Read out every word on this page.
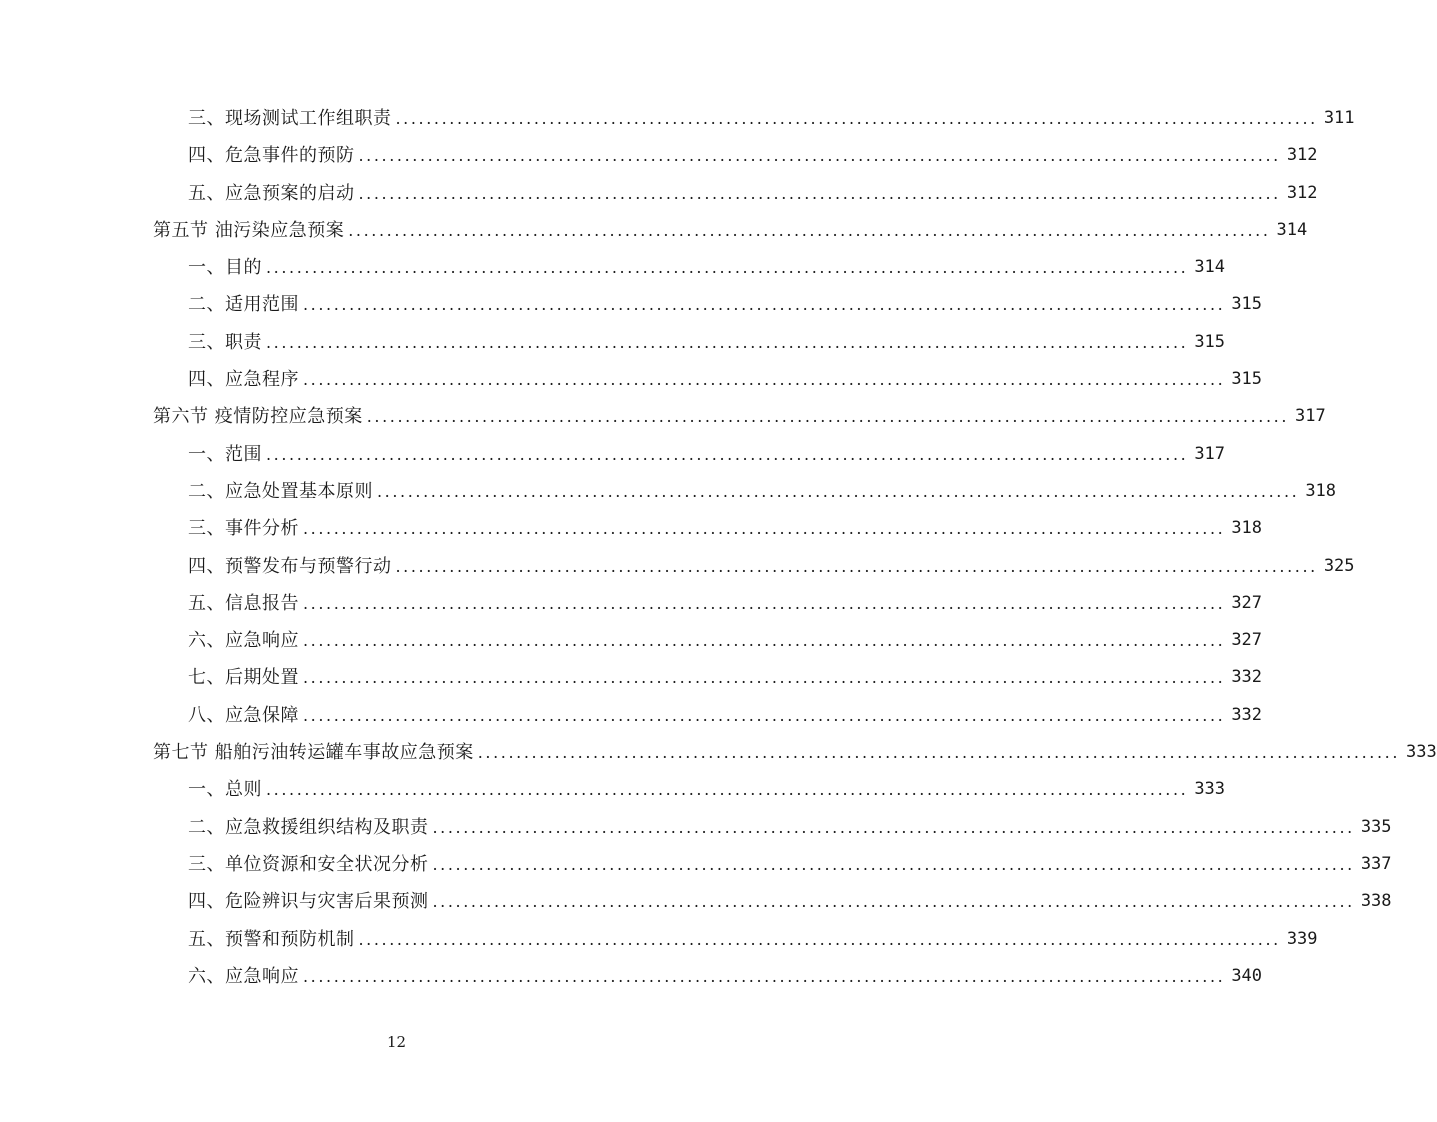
三、现场测试工作组职责 ........................................................................................................................ 311
四、危急事件的预防 ........................................................................................................................ 312
五、应急预案的启动 ........................................................................................................................ 312
第五节 油污染应急预案 ........................................................................................................................ 314
一、目的 ........................................................................................................................ 314
二、适用范围 ........................................................................................................................ 315
三、职责 ........................................................................................................................ 315
四、应急程序 ........................................................................................................................ 315
第六节 疫情防控应急预案 ........................................................................................................................ 317
一、范围 ........................................................................................................................ 317
二、应急处置基本原则 ........................................................................................................................ 318
三、事件分析 ........................................................................................................................ 318
四、预警发布与预警行动 ........................................................................................................................ 325
五、信息报告 ........................................................................................................................ 327
六、应急响应 ........................................................................................................................ 327
七、后期处置 ........................................................................................................................ 332
八、应急保障 ........................................................................................................................ 332
第七节 船舶污油转运罐车事故应急预案 ........................................................................................................................ 333
一、总则 ........................................................................................................................ 333
二、应急救援组织结构及职责 ........................................................................................................................ 335
三、单位资源和安全状况分析 ........................................................................................................................ 337
四、危险辨识与灾害后果预测 ........................................................................................................................ 338
五、预警和预防机制 ........................................................................................................................ 339
六、应急响应 ........................................................................................................................ 340
12
